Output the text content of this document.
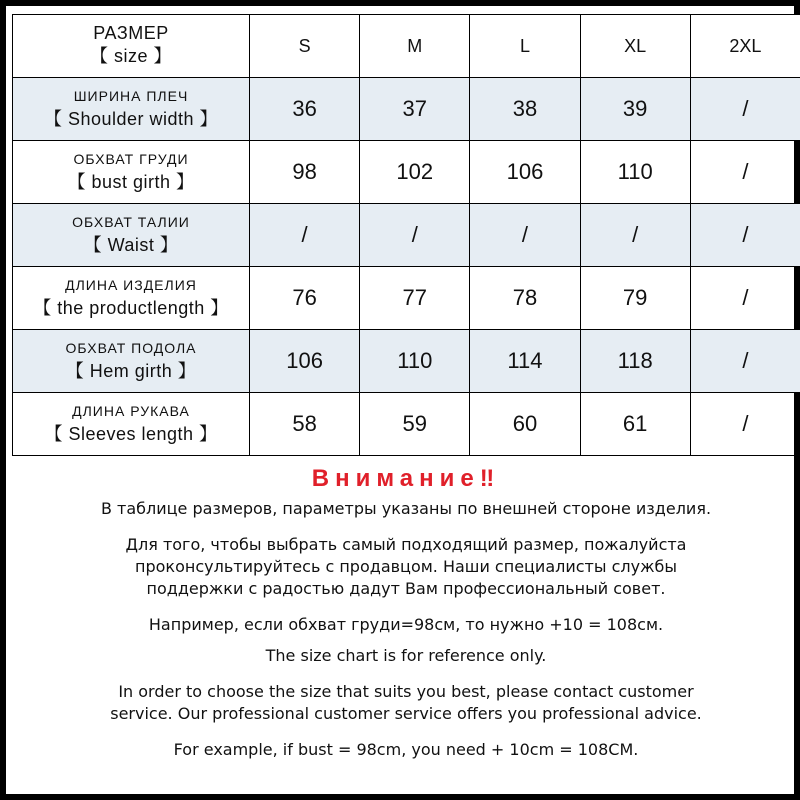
РАЗМЕР
【 size 】	S	M	L	XL	2XL

ШИРИНА ПЛЕЧ
【 Shoulder width 】	36	37	38	39	/

ОБХВАТ ГРУДИ
【 bust girth 】	98	102	106	110	/

ОБХВАТ ТАЛИИ
【 Waist 】	/	/	/	/	/

ДЛИНА ИЗДЕЛИЯ
【 the productlength 】	76	77	78	79	/

ОБХВАТ ПОДОЛА
【 Hem girth 】	106	110	114	118	/

ДЛИНА РУКАВА
【 Sleeves length 】	58	59	60	61	/
Внимание‼
В таблице размеров, параметры указаны по внешней стороне изделия.
Для того, чтобы выбрать самый подходящий размер, пожалуйста
проконсультируйтесь с продавцом. Наши специалисты службы
поддержки с радостью дадут Вам профессиональный совет.
Например, если обхват груди=98см, то нужно +10 = 108см.
The size chart is for reference only.
In order to choose the size that suits you best, please contact customer
service. Our professional customer service offers you professional advice.
For example, if bust = 98cm, you need + 10cm = 108CM.
